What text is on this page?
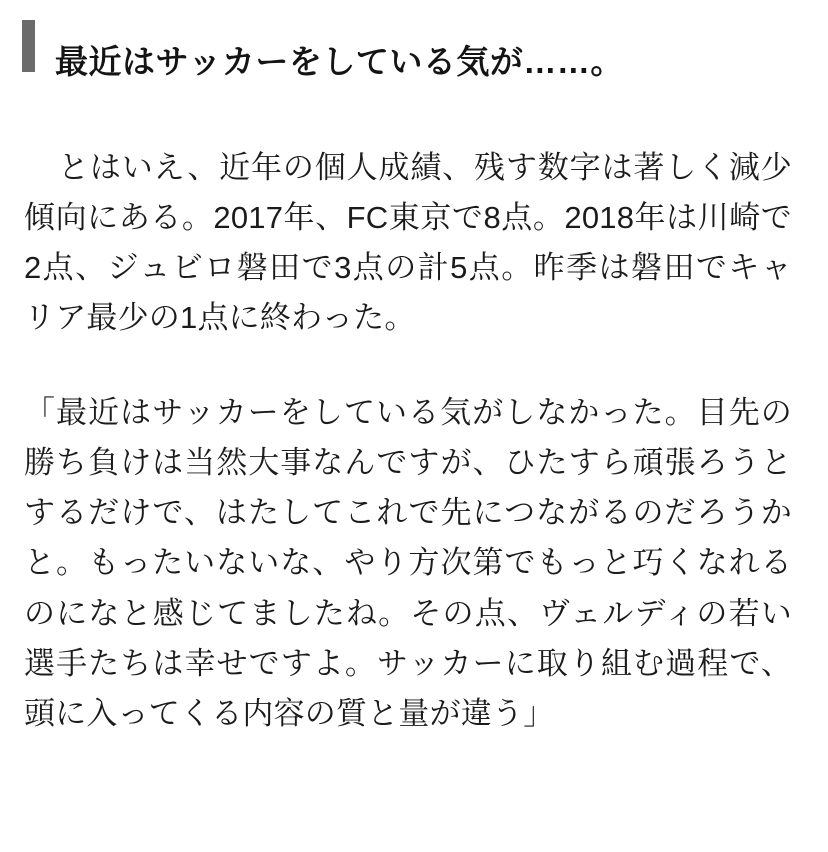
最近はサッカーをしている気が……。

とはいえ、近年の個人成績、残す数字は著しく減少傾向にある。2017年、FC東京で8点。2018年は川崎で2点、ジュビロ磐田で3点の計5点。昨季は磐田でキャリア最少の1点に終わった。

「最近はサッカーをしている気がしなかった。目先の勝ち負けは当然大事なんですが、ひたすら頑張ろうとするだけで、はたしてこれで先につながるのだろうかと。もったいないな、やり方次第でもっと巧くなれるのになと感じてましたね。その点、ヴェルディの若い選手たちは幸せですよ。サッカーに取り組む過程で、頭に入ってくる内容の質と量が違う」
